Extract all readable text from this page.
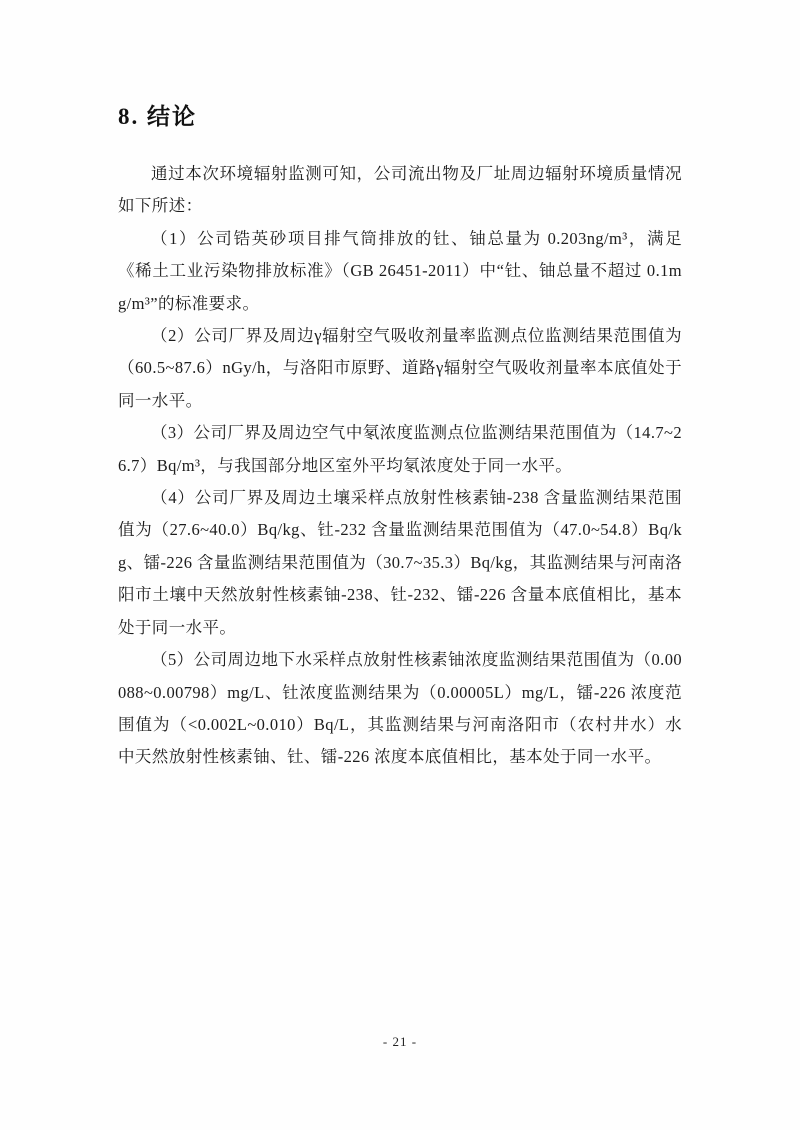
8. 结论

通过本次环境辐射监测可知，公司流出物及厂址周边辐射环境质量情况如下所述：

（1）公司锆英砂项目排气筒排放的钍、铀总量为 0.203ng/m³，满足《稀土工业污染物排放标准》（GB 26451-2011）中“钍、铀总量不超过 0.1mg/m³”的标准要求。

（2）公司厂界及周边γ辐射空气吸收剂量率监测点位监测结果范围值为（60.5~87.6）nGy/h，与洛阳市原野、道路γ辐射空气吸收剂量率本底值处于同一水平。

（3）公司厂界及周边空气中氡浓度监测点位监测结果范围值为（14.7~26.7）Bq/m³，与我国部分地区室外平均氡浓度处于同一水平。

（4）公司厂界及周边土壤采样点放射性核素铀-238 含量监测结果范围值为（27.6~40.0）Bq/kg、钍-232 含量监测结果范围值为（47.0~54.8）Bq/kg、镭-226 含量监测结果范围值为（30.7~35.3）Bq/kg，其监测结果与河南洛阳市土壤中天然放射性核素铀-238、钍-232、镭-226 含量本底值相比，基本处于同一水平。

（5）公司周边地下水采样点放射性核素铀浓度监测结果范围值为（0.00088~0.00798）mg/L、钍浓度监测结果为（0.00005L）mg/L，镭-226 浓度范围值为（<0.002L~0.010）Bq/L，其监测结果与河南洛阳市（农村井水）水中天然放射性核素铀、钍、镭-226 浓度本底值相比，基本处于同一水平。

- 21 -
